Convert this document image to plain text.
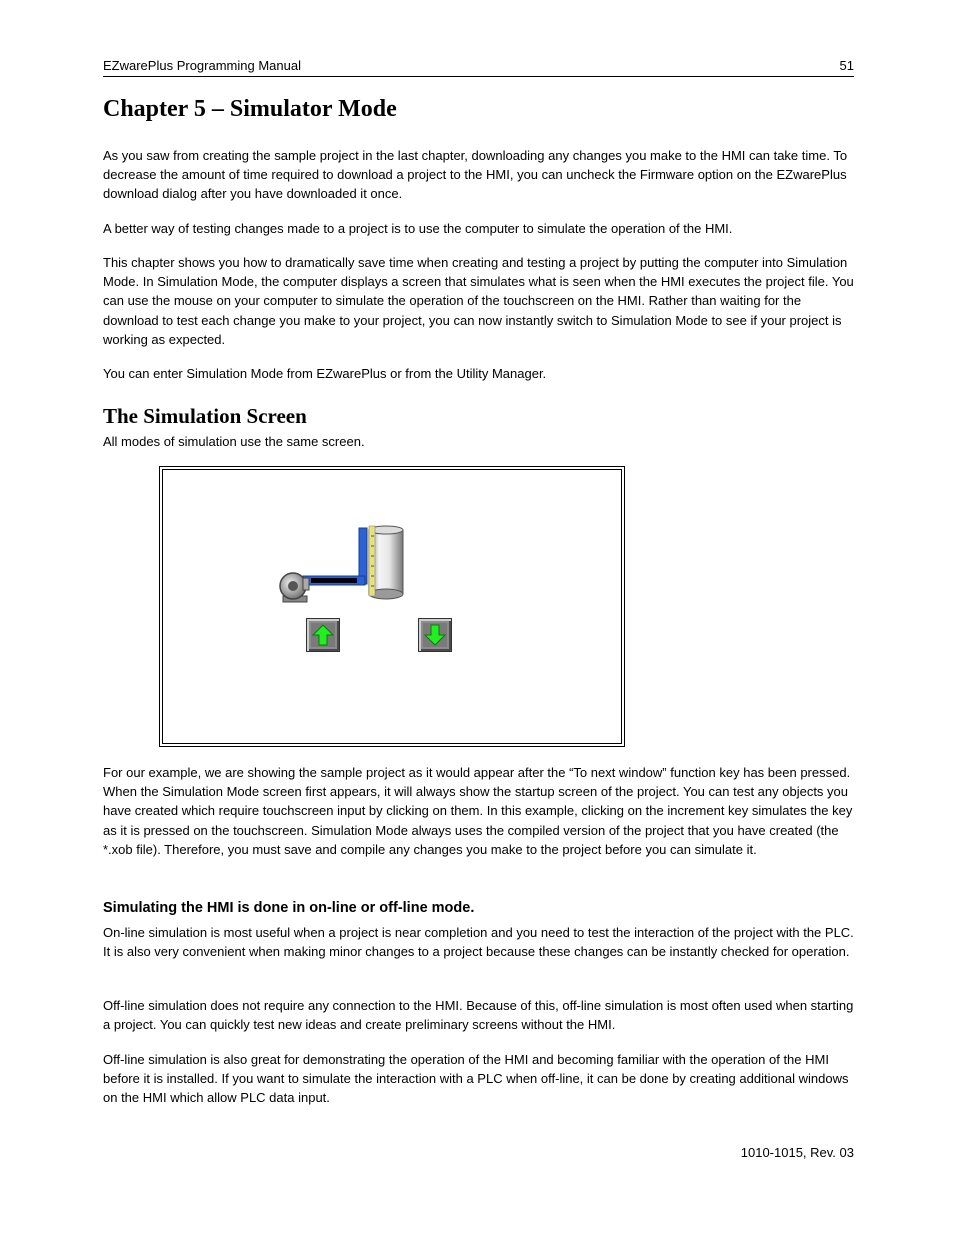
EZwarePlus Programming Manual	51
Chapter 5 – Simulator Mode

As you saw from creating the sample project in the last chapter, downloading any changes you make to the HMI can take time. To decrease the amount of time required to download a project to the HMI, you can uncheck the Firmware option on the EZwarePlus download dialog after you have downloaded it once.

A better way of testing changes made to a project is to use the computer to simulate the operation of the HMI.

This chapter shows you how to dramatically save time when creating and testing a project by putting the computer into Simulation Mode. In Simulation Mode, the computer displays a screen that simulates what is seen when the HMI executes the project file. You can use the mouse on your computer to simulate the operation of the touchscreen on the HMI. Rather than waiting for the download to test each change you make to your project, you can now instantly switch to Simulation Mode to see if your project is working as expected.

You can enter Simulation Mode from EZwarePlus or from the Utility Manager.

The Simulation Screen

All modes of simulation use the same screen.

For our example, we are showing the sample project as it would appear after the “To next window” function key has been pressed. When the Simulation Mode screen first appears, it will always show the startup screen of the project. You can test any objects you have created which require touchscreen input by clicking on them. In this example, clicking on the increment key simulates the key as it is pressed on the touchscreen. Simulation Mode always uses the compiled version of the project that you have created (the *.xob file). Therefore, you must save and compile any changes you make to the project before you can simulate it.

Simulating the HMI is done in on-line or off-line mode.

On-line simulation is most useful when a project is near completion and you need to test the interaction of the project with the PLC. It is also very convenient when making minor changes to a project because these changes can be instantly checked for operation.

Off-line simulation does not require any connection to the HMI. Because of this, off-line simulation is most often used when starting a project. You can quickly test new ideas and create preliminary screens without the HMI.

Off-line simulation is also great for demonstrating the operation of the HMI and becoming familiar with the operation of the HMI before it is installed. If you want to simulate the interaction with a PLC when off-line, it can be done by creating additional windows on the HMI which allow PLC data input.

1010-1015, Rev. 03
